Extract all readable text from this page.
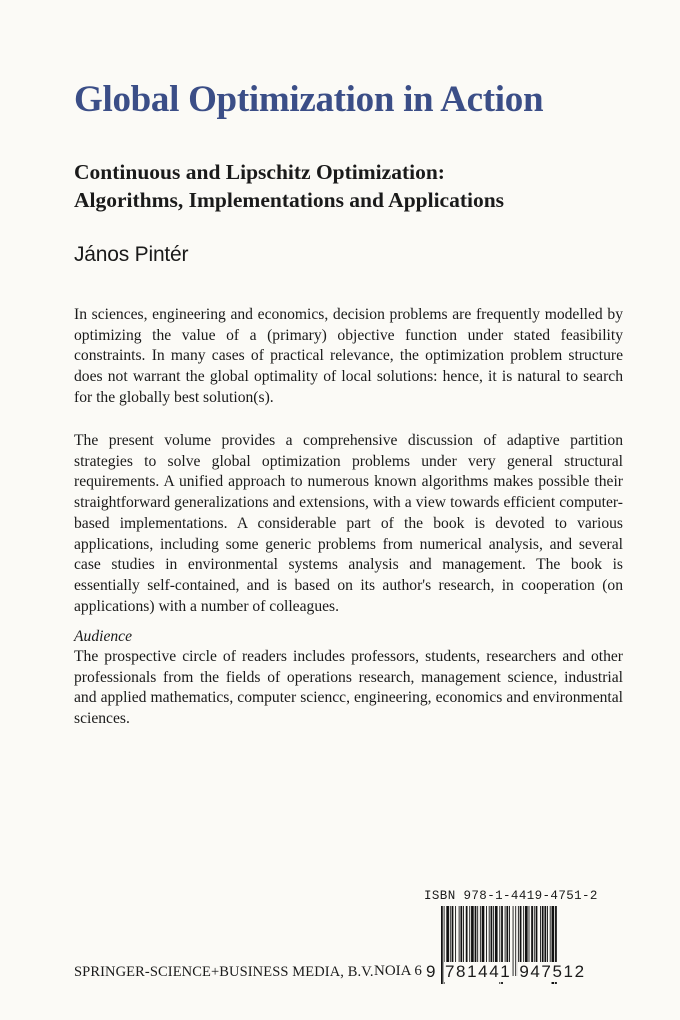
Global Optimization in Action
Continuous and Lipschitz Optimization:
Algorithms, Implementations and Applications
János Pintér
In sciences, engineering and economics, decision problems are frequently modelled by optimizing the value of a (primary) objective function under stated feasibility constraints. In many cases of practical relevance, the optimization problem structure does not warrant the global optimality of local solutions: hence, it is natural to search for the globally best solution(s).
The present volume provides a comprehensive discussion of adaptive partition strategies to solve global optimization problems under very general structural requirements. A unified approach to numerous known algorithms makes possible their straightforward generalizations and extensions, with a view towards efficient computer-based implementations. A considerable part of the book is devoted to various applications, including some generic problems from numerical analysis, and several case studies in environmental systems analysis and management. The book is essentially self-contained, and is based on its author's research, in cooperation (on applications) with a number of colleagues.
Audience
The prospective circle of readers includes professors, students, researchers and other professionals from the fields of operations research, management science, industrial and applied mathematics, computer sciencc, engineering, economics and environmental sciences.
ISBN 978-1-4419-4751-2
9 781441 947512
SPRINGER-SCIENCE+BUSINESS MEDIA, B.V. NOIA 6
